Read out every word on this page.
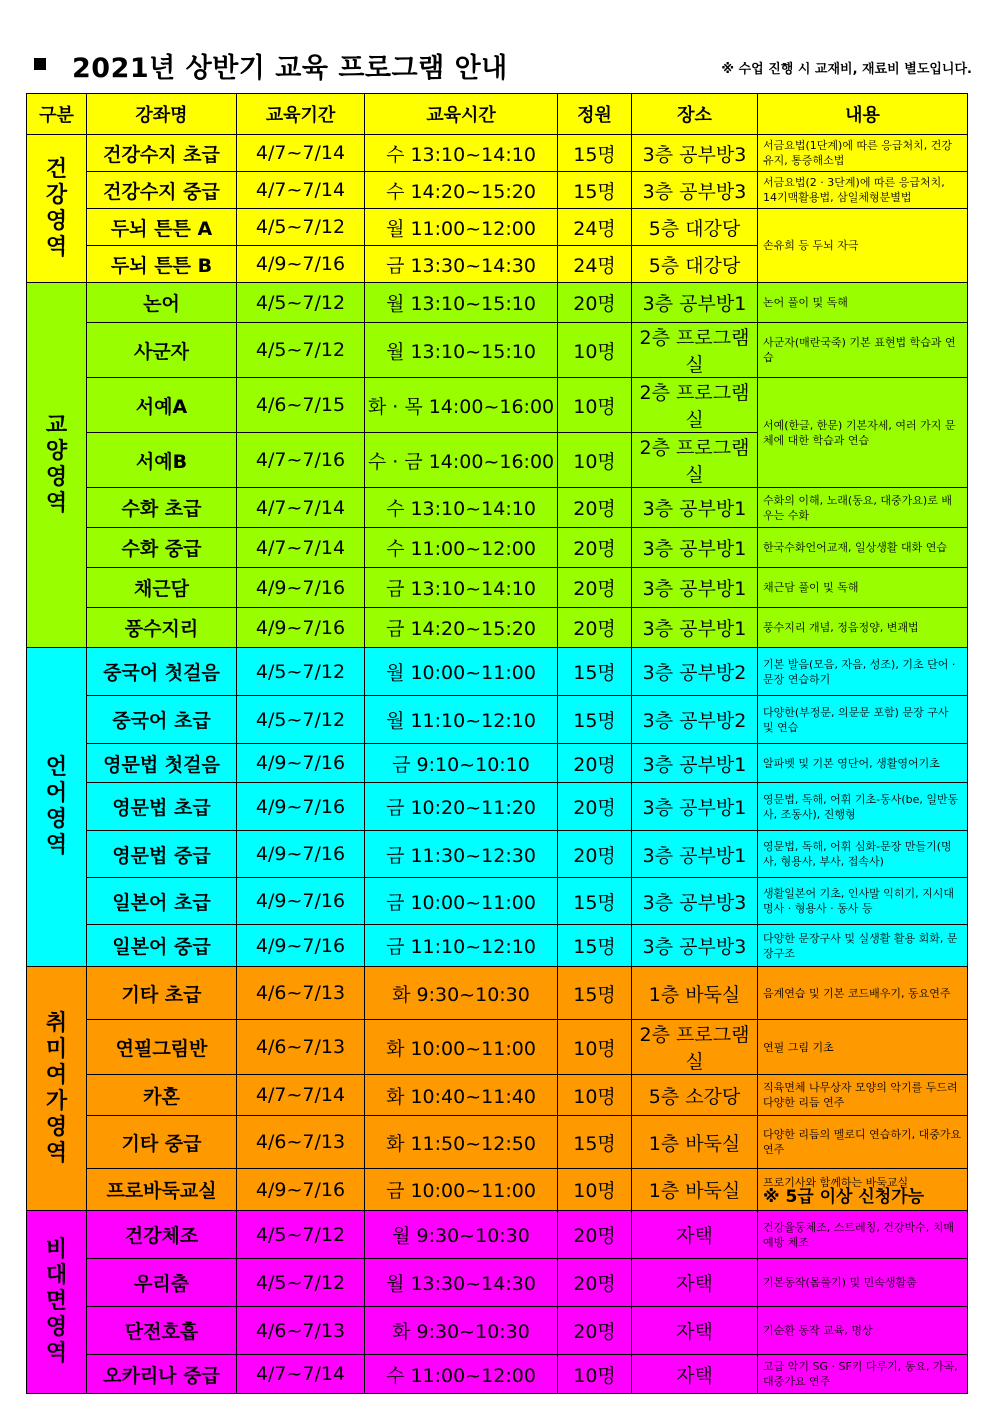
2021년 상반기 교육 프로그램 안내	※ 수업 진행 시 교재비, 재료비 별도입니다.
구분	강좌명	교육기간	교육시간	정원	장소	내용
건강영역	건강수지 초급	4/7~7/14	수 13:10~14:10	15명	3층 공부방3	서금요법(1단계)에 따른 응급처치, 건강유지, 통증해소법
	건강수지 중급	4/7~7/14	수 14:20~15:20	15명	3층 공부방3	서금요법(2 · 3단계)에 따른 응급처치, 14기맥활용법, 삼일체형분별법
	두뇌 튼튼 A	4/5~7/12	월 11:00~12:00	24명	5층 대강당	손유희 등 두뇌 자극
	두뇌 튼튼 B	4/9~7/16	금 13:30~14:30	24명	5층 대강당	
교양영역	논어	4/5~7/12	월 13:10~15:10	20명	3층 공부방1	논어 풀이 및 독해
	사군자	4/5~7/12	월 13:10~15:10	10명	2층 프로그램실	사군자(매란국죽) 기본 표현법 학습과 연습
	서예A	4/6~7/15	화 · 목 14:00~16:00	10명	2층 프로그램실	서예(한글, 한문) 기본자세, 여러 가지 문체에 대한 학습과 연습
	서예B	4/7~7/16	수 · 금 14:00~16:00	10명	2층 프로그램실	
	수화 초급	4/7~7/14	수 13:10~14:10	20명	3층 공부방1	수화의 이해, 노래(동요, 대중가요)로 배우는 수화
	수화 중급	4/7~7/14	수 11:00~12:00	20명	3층 공부방1	한국수화언어교재, 일상생활 대화 연습
	채근담	4/9~7/16	금 13:10~14:10	20명	3층 공부방1	채근담 풀이 및 독해
	풍수지리	4/9~7/16	금 14:20~15:20	20명	3층 공부방1	풍수지리 개념, 정음정양, 변괘법
언어영역	중국어 첫걸음	4/5~7/12	월 10:00~11:00	15명	3층 공부방2	기본 발음(모음, 자음, 성조), 기초 단어 · 문장 연습하기
	중국어 초급	4/5~7/12	월 11:10~12:10	15명	3층 공부방2	다양한(부정문, 의문문 포함) 문장 구사 및 연습
	영문법 첫걸음	4/9~7/16	금 9:10~10:10	20명	3층 공부방1	알파벳 및 기본 영단어, 생활영어기초
	영문법 초급	4/9~7/16	금 10:20~11:20	20명	3층 공부방1	영문법, 독해, 어휘 기초-동사(be, 일반동사, 조동사), 진행형
	영문법 중급	4/9~7/16	금 11:30~12:30	20명	3층 공부방1	영문법, 독해, 어휘 심화-문장 만들기(명사, 형용사, 부사, 접속사)
	일본어 초급	4/9~7/16	금 10:00~11:00	15명	3층 공부방3	생활일본어 기초, 인사말 익히기, 지시대명사 · 형용사 · 동사 등
	일본어 중급	4/9~7/16	금 11:10~12:10	15명	3층 공부방3	다양한 문장구사 및 실생활 활용 회화, 문장구조
취미여가영역	기타 초급	4/6~7/13	화 9:30~10:30	15명	1층 바둑실	음계연습 및 기본 코드배우기, 동요연주
	연필그림반	4/6~7/13	화 10:00~11:00	10명	2층 프로그램실	연필 그림 기초
	카혼	4/7~7/14	화 10:40~11:40	10명	5층 소강당	직육면체 나무상자 모양의 악기를 두드려 다양한 리듬 연주
	기타 중급	4/6~7/13	화 11:50~12:50	15명	1층 바둑실	다양한 리듬의 멜로디 연습하기, 대중가요 연주
	프로바둑교실	4/9~7/16	금 10:00~11:00	10명	1층 바둑실	프로기사와 함께하는 바둑교실
※ 5급 이상 신청가능

비대면영역	건강체조	4/5~7/12	월 9:30~10:30	20명	자택	건강율동체조, 스트레칭, 건강박수, 치매예방 체조
	우리춤	4/5~7/12	월 13:30~14:30	20명	자택	기본동작(몸풀기) 및 민속생활춤
	단전호흡	4/6~7/13	화 9:30~10:30	20명	자택	기순환 동작 교육, 명상
	오카리나 중급	4/7~7/14	수 11:00~12:00	10명	자택	고급 악기 SG · SF키 다루기, 동요, 가곡, 대중가요 연주
